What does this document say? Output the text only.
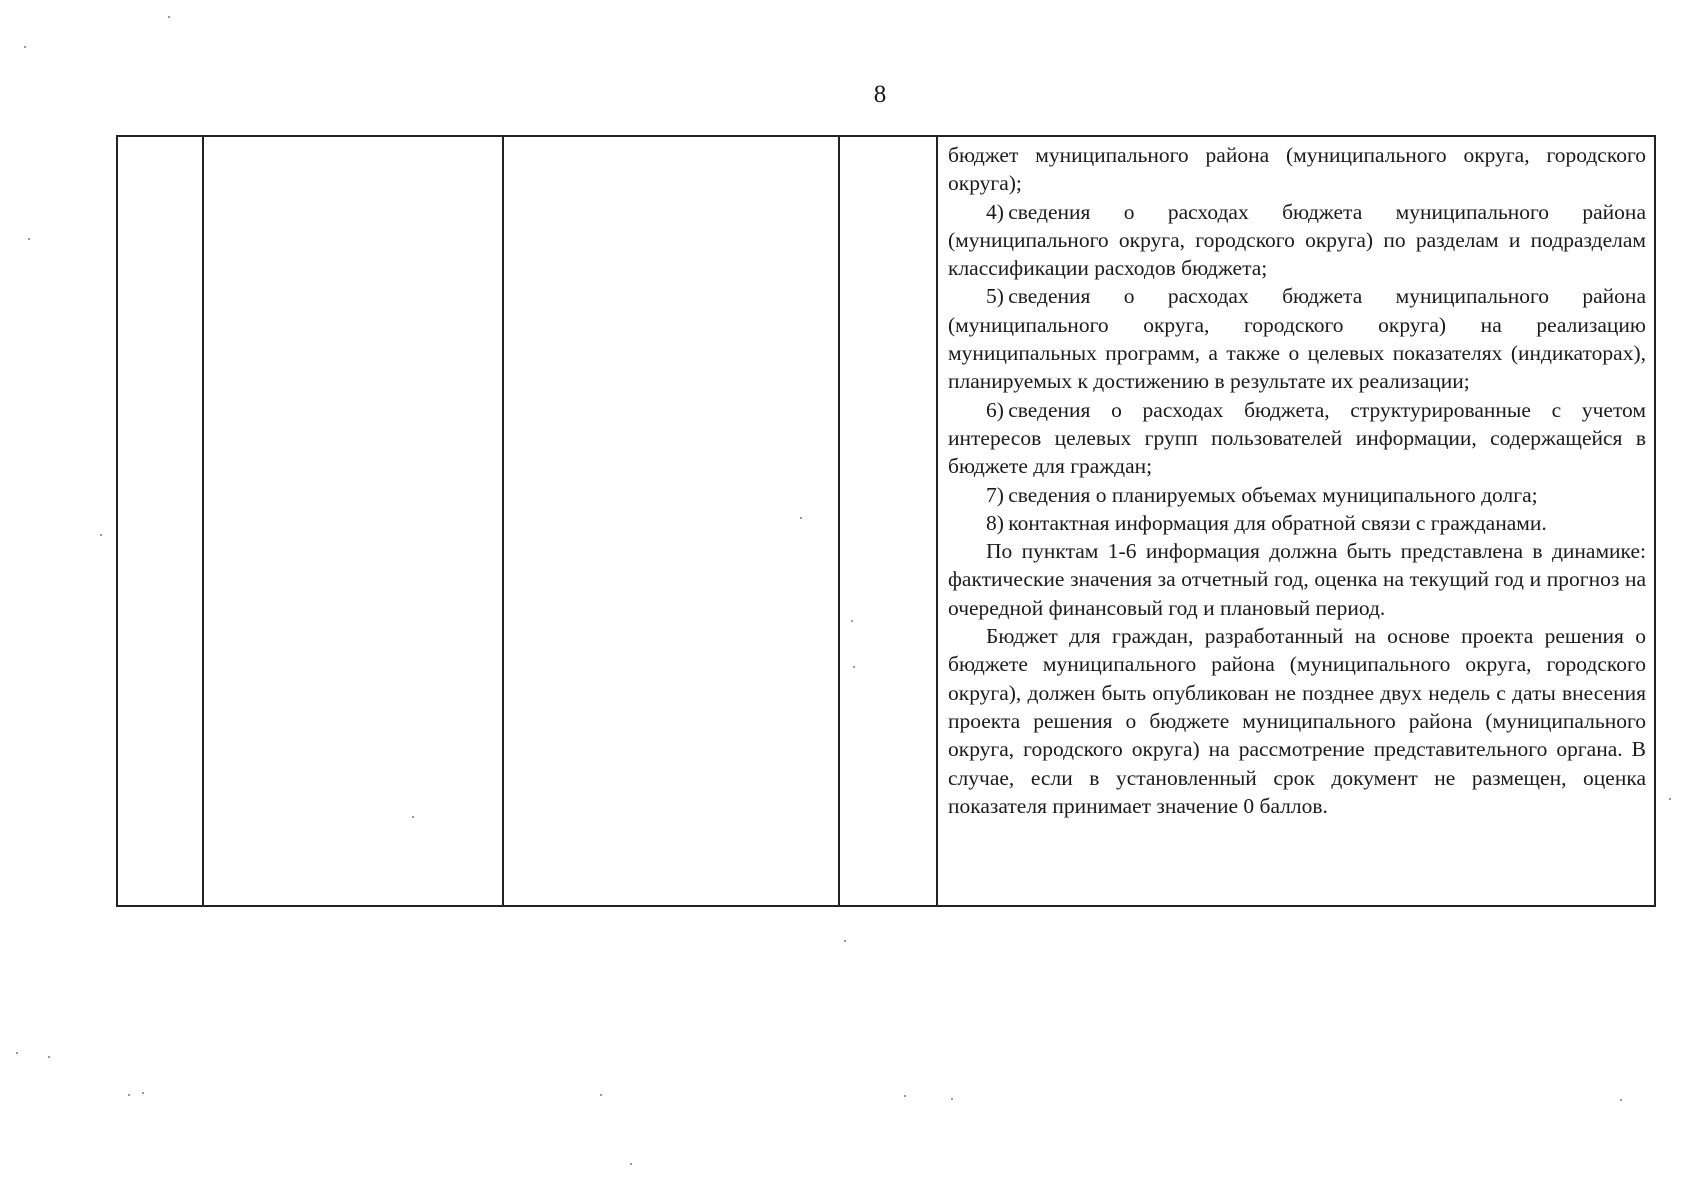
8

бюджет муниципального района (муниципального округа, городского округа);

4) сведения о расходах бюджета муниципального района (муниципального округа, городского округа) по разделам и подразделам классификации расходов бюджета;

5) сведения о расходах бюджета муниципального района (муниципального округа, городского округа) на реализацию муниципальных программ, а также о целевых показателях (индикаторах), планируемых к достижению в результате их реализации;

6) сведения о расходах бюджета, структурированные с учетом интересов целевых групп пользователей информации, содержащейся в бюджете для граждан;

7) сведения о планируемых объемах муниципального долга;

8) контактная информация для обратной связи с гражданами.

По пунктам 1-6 информация должна быть представлена в динамике: фактические значения за отчетный год, оценка на текущий год и прогноз на очередной финансовый год и плановый период.

Бюджет для граждан, разработанный на основе проекта решения о бюджете муниципального района (муниципального округа, городского округа), должен быть опубликован не позднее двух недель с даты внесения проекта решения о бюджете муниципального района (муниципального округа, городского округа) на рассмотрение представительного органа. В случае, если в установленный срок документ не размещен, оценка показателя принимает значение 0 баллов.
